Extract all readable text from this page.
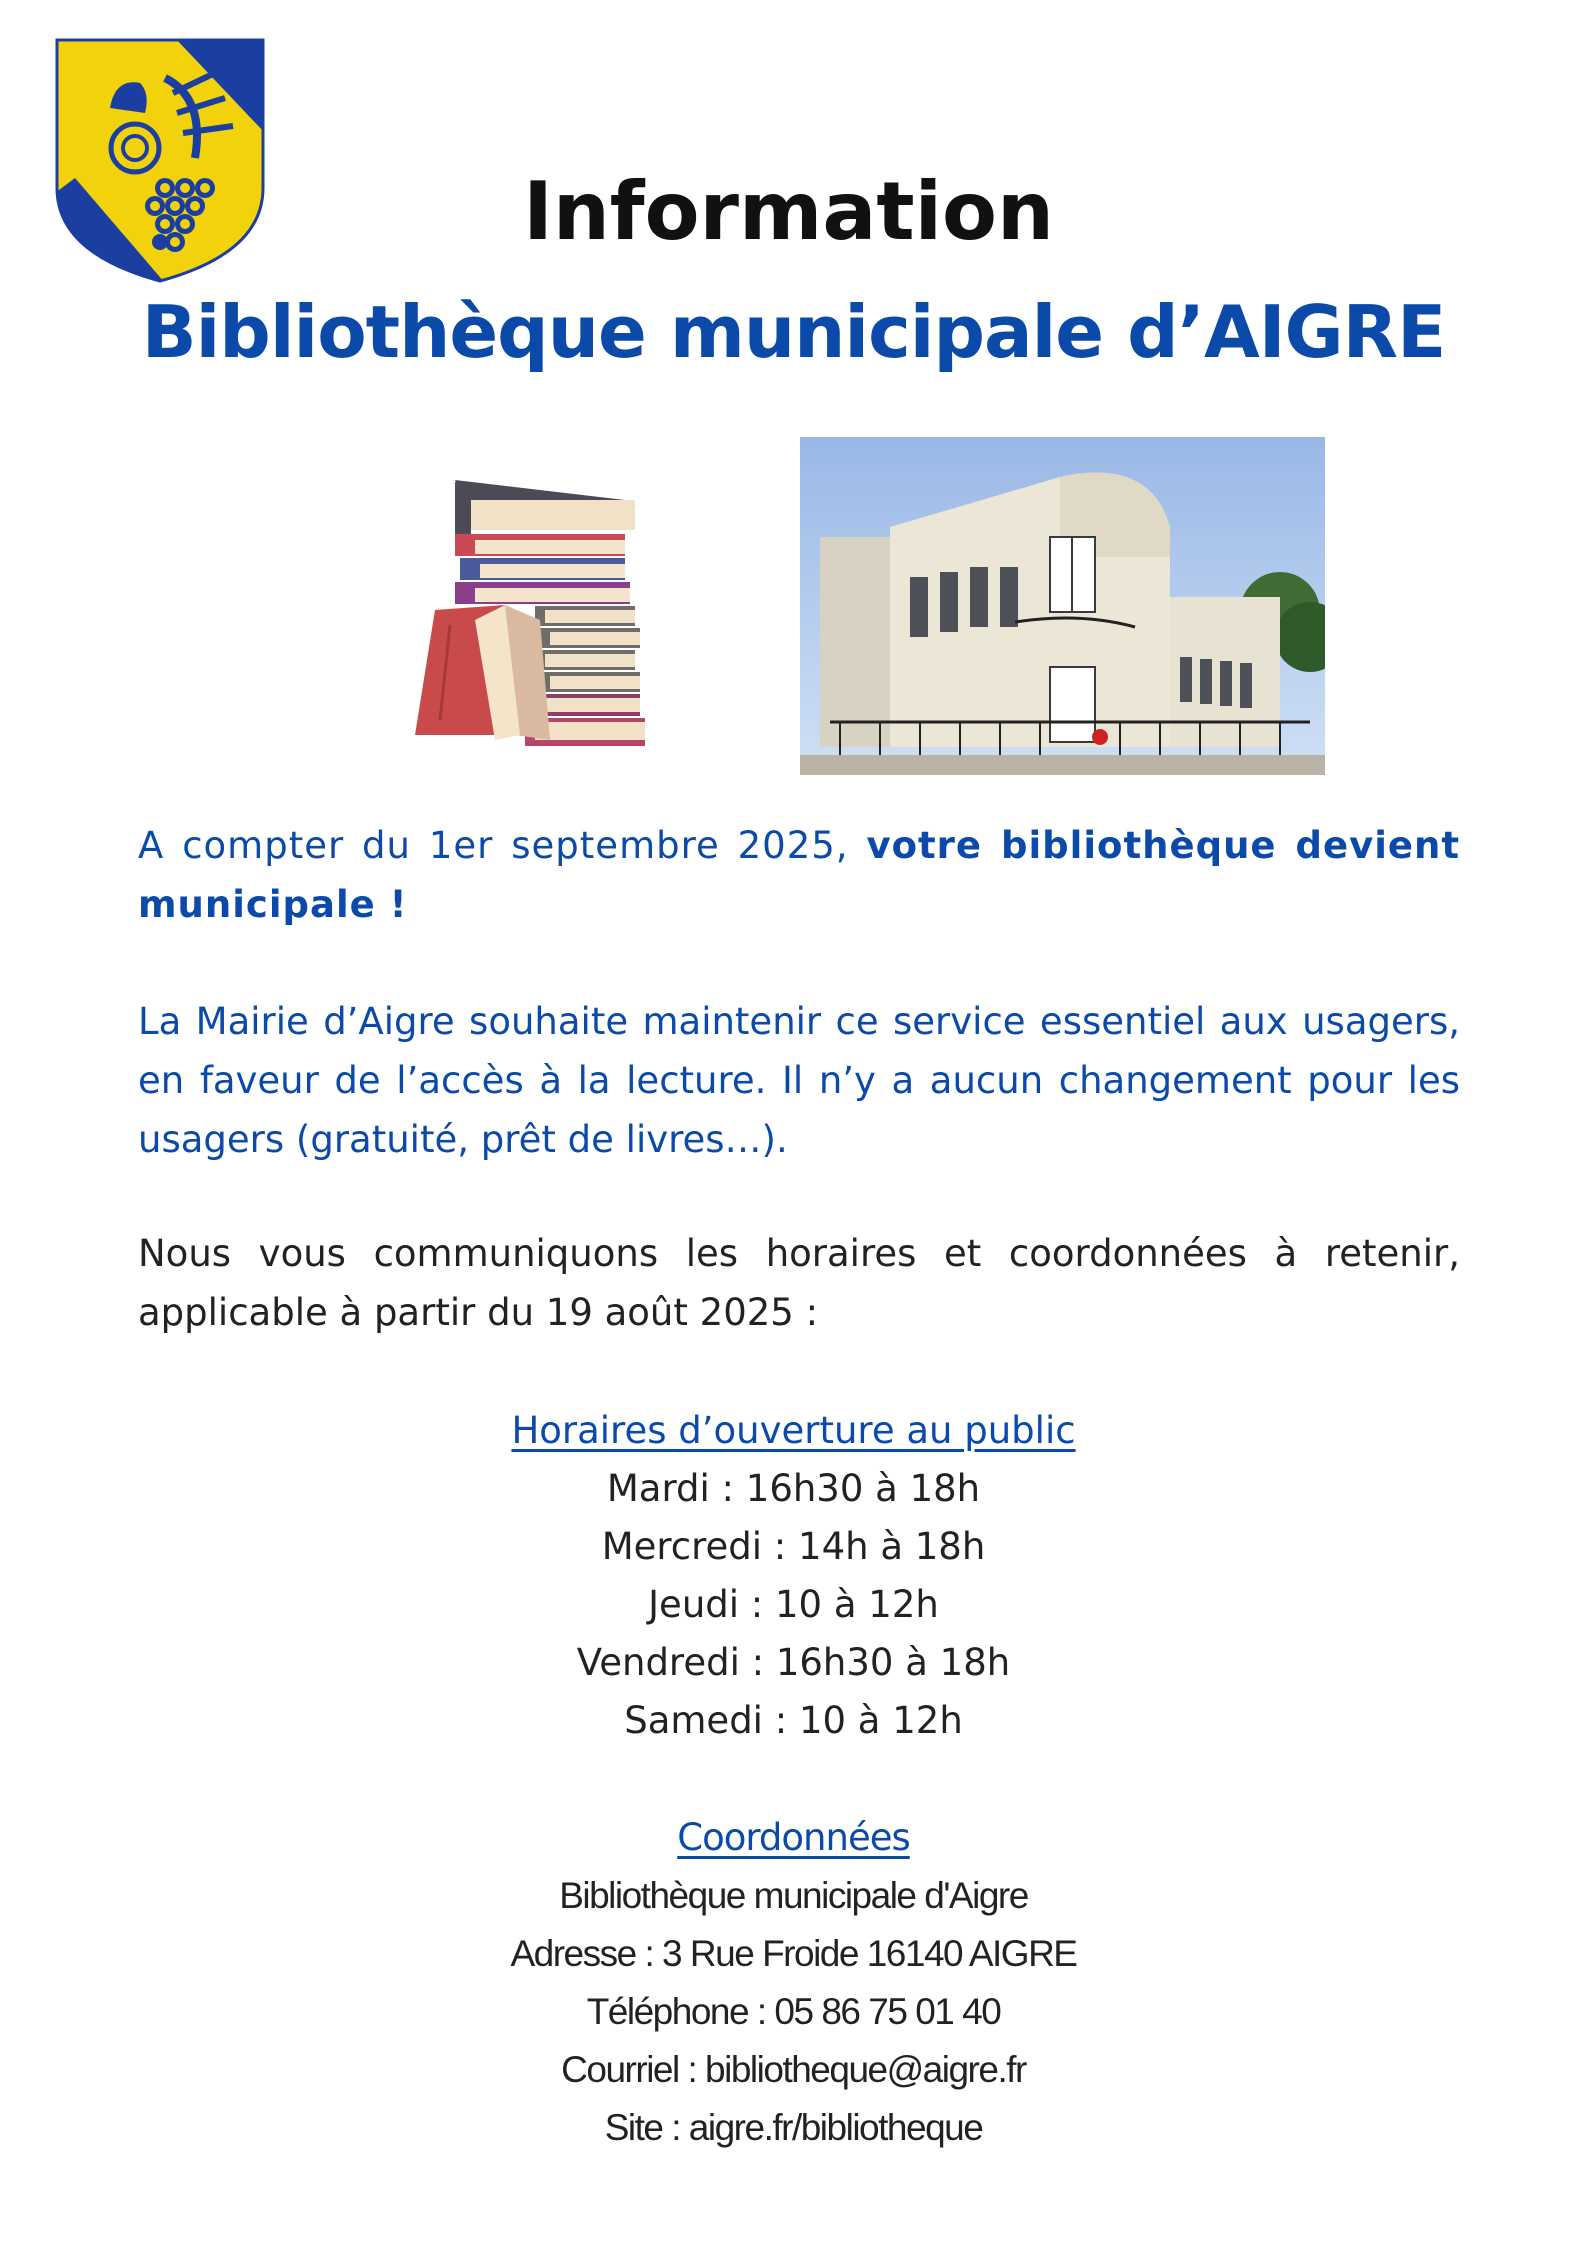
Information
Bibliothèque municipale d’AIGRE

A compter du 1er septembre 2025, votre bibliothèque devient municipale !

La Mairie d’Aigre souhaite maintenir ce service essentiel aux usagers, en faveur de l’accès à la lecture. Il n’y a aucun changement pour les usagers (gratuité, prêt de livres…).

Nous vous communiquons les horaires et coordonnées à retenir, applicable à partir du 19 août 2025 :

Horaires d’ouverture au public

Mardi : 16h30 à 18h

Mercredi : 14h à 18h

Jeudi : 10 à 12h

Vendredi : 16h30 à 18h

Samedi : 10 à 12h

Coordonnées

Bibliothèque municipale d'Aigre

Adresse : 3 Rue Froide 16140 AIGRE

Téléphone : 05 86 75 01 40

Courriel : bibliotheque@aigre.fr

Site : aigre.fr/bibliotheque
